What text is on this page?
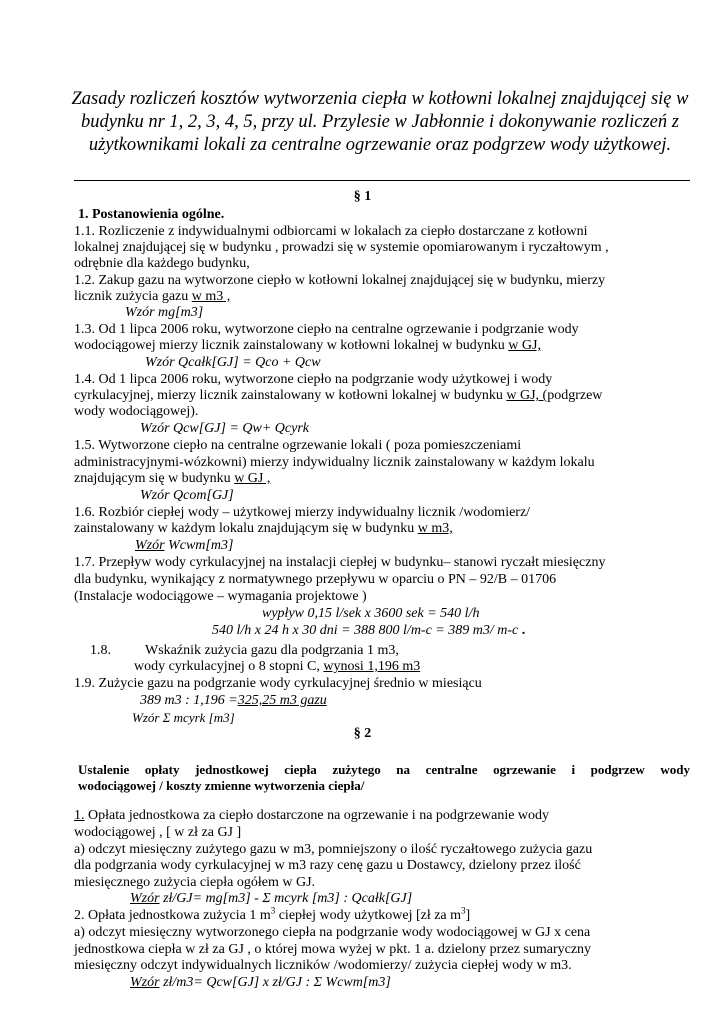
Zasady rozliczeń kosztów wytworzenia ciepła w kotłowni lokalnej znajdującej się w budynku nr 1, 2, 3, 4, 5, przy ul. Przylesie w Jabłonnie i dokonywanie rozliczeń z użytkownikami lokali za centralne ogrzewanie oraz podgrzew wody użytkowej.
§ 1
1. Postanowienia ogólne.
1.1. Rozliczenie z indywidualnymi odbiorcami w lokalach za ciepło dostarczane z kotłowni
lokalnej znajdującej się w budynku , prowadzi się w systemie opomiarowanym i ryczałtowym ,
odrębnie dla każdego budynku,
1.2. Zakup gazu na wytworzone ciepło w kotłowni lokalnej znajdującej się w budynku, mierzy
licznik zużycia gazu w m3 ,
Wzór mg[m3]
1.3. Od 1 lipca 2006 roku, wytworzone ciepło na centralne ogrzewanie i podgrzanie wody
wodociągowej mierzy licznik zainstalowany w kotłowni lokalnej w budynku w GJ,
Wzór Qcałk[GJ] = Qco + Qcw
1.4. Od 1 lipca 2006 roku, wytworzone ciepło na podgrzanie wody użytkowej i wody
cyrkulacyjnej, mierzy licznik zainstalowany w kotłowni lokalnej w budynku w GJ, (podgrzew
wody wodociągowej).
Wzór Qcw[GJ] = Qw+ Qcyrk
1.5. Wytworzone ciepło na centralne ogrzewanie lokali ( poza pomieszczeniami
administracyjnymi-wózkowni) mierzy indywidualny licznik zainstalowany w każdym lokalu
znajdującym się w budynku w GJ ,
Wzór Qcom[GJ]
1.6. Rozbiór ciepłej wody – użytkowej mierzy indywidualny licznik /wodomierz/
zainstalowany w każdym lokalu znajdującym się w budynku w m3,
Wzór Wcwm[m3]
1.7. Przepływ wody cyrkulacyjnej na instalacji ciepłej w budynku– stanowi ryczałt miesięczny
dla budynku, wynikający z normatywnego przepływu w oparciu o PN – 92/B – 01706
(Instalacje wodociągowe – wymagania projektowe )
wypływ 0,15 l/sek x 3600 sek = 540 l/h
540 l/h x 24 h x 30 dni = 388 800 l/m-c = 389 m3/ m-c .
1.8. Wskaźnik zużycia gazu dla podgrzania 1 m3,
wody cyrkulacyjnej o 8 stopni C, wynosi 1,196 m3
1.9. Zużycie gazu na podgrzanie wody cyrkulacyjnej średnio w miesiącu
389 m3 : 1,196 =325,25 m3 gazu
Wzór Σ mcyrk [m3]
§ 2
Ustalenie opłaty jednostkowej ciepła zużytego na centralne ogrzewanie i podgrzew wody
wodociągowej / koszty zmienne wytworzenia ciepła/
1. Opłata jednostkowa za ciepło dostarczone na ogrzewanie i na podgrzewanie wody
wodociągowej , [ w zł za GJ ]
a) odczyt miesięczny zużytego gazu w m3, pomniejszony o ilość ryczałtowego zużycia gazu
dla podgrzania wody cyrkulacyjnej w m3 razy cenę gazu u Dostawcy, dzielony przez ilość
miesięcznego zużycia ciepła ogółem w GJ.
Wzór zł/GJ= mg[m3] - Σ mcyrk [m3] : Qcałk[GJ]
2. Opłata jednostkowa zużycia 1 $m^3$ ciepłej wody użytkowej [zł za $m^3$]
a) odczyt miesięczny wytworzonego ciepła na podgrzanie wody wodociągowej w GJ x cena
jednostkowa ciepła w zł za GJ , o której mowa wyżej w pkt. 1 a. dzielony przez sumaryczny
miesięczny odczyt indywidualnych liczników /wodomierzy/ zużycia ciepłej wody w m3.
Wzór zł/m3= Qcw[GJ] x zł/GJ : Σ Wcwm[m3]
